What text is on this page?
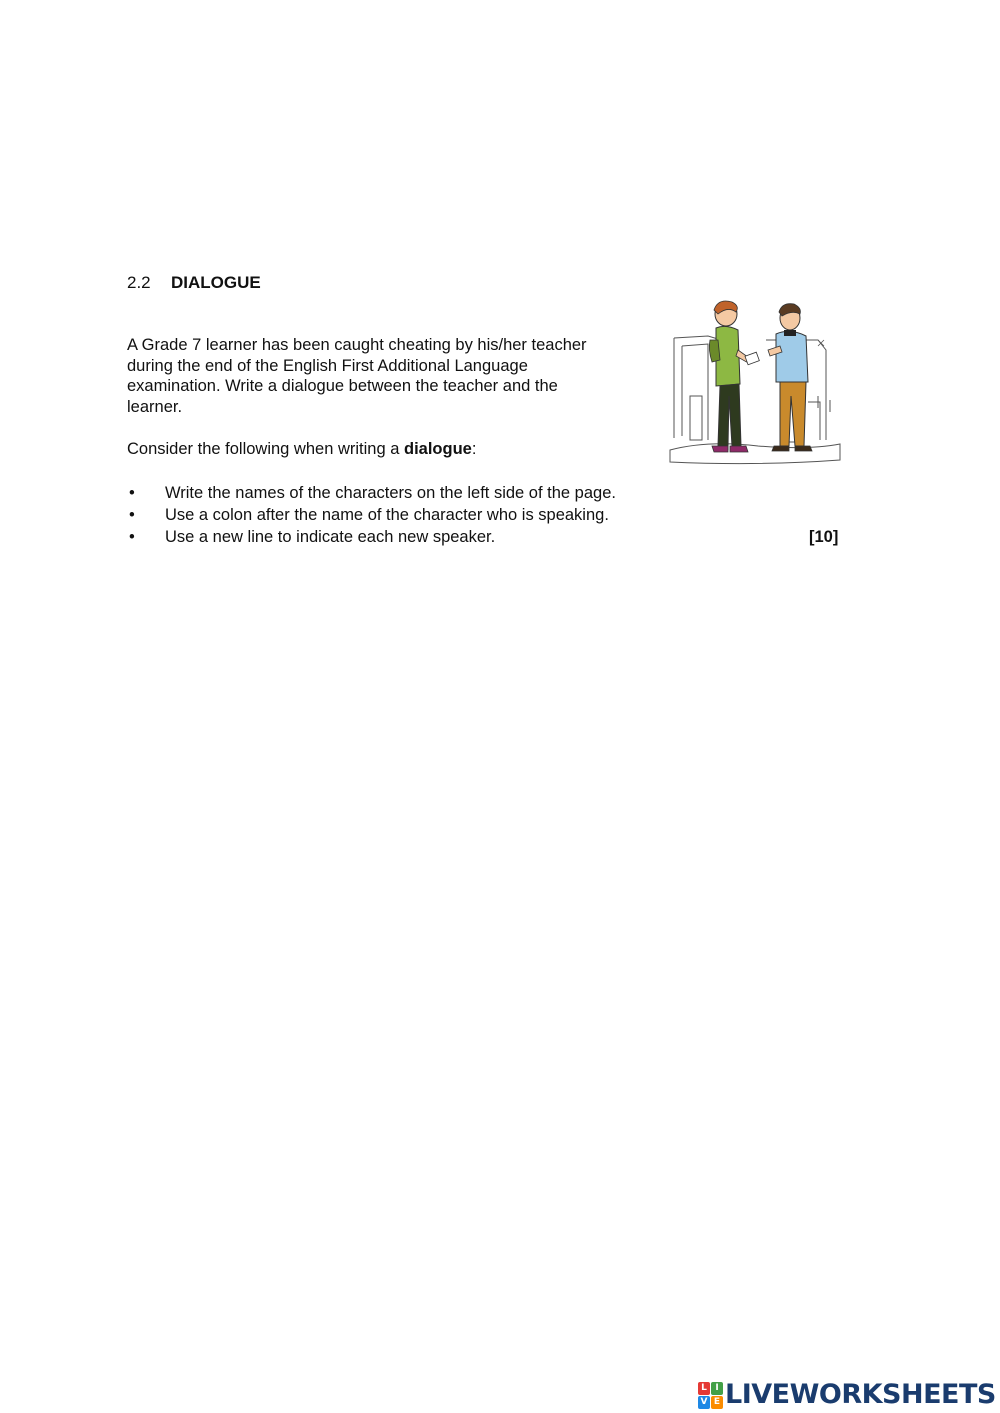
2.2 DIALOGUE
A Grade 7 learner has been caught cheating by his/her teacher
during the end of the English First Additional Language
examination. Write a dialogue between the teacher and the
learner.
Consider the following when writing a dialogue:
• Write the names of the characters on the left side of the page.
• Use a colon after the name of the character who is speaking.
• Use a new line to indicate each new speaker.	[10]
L I
V E LIVEWORKSHEETS
